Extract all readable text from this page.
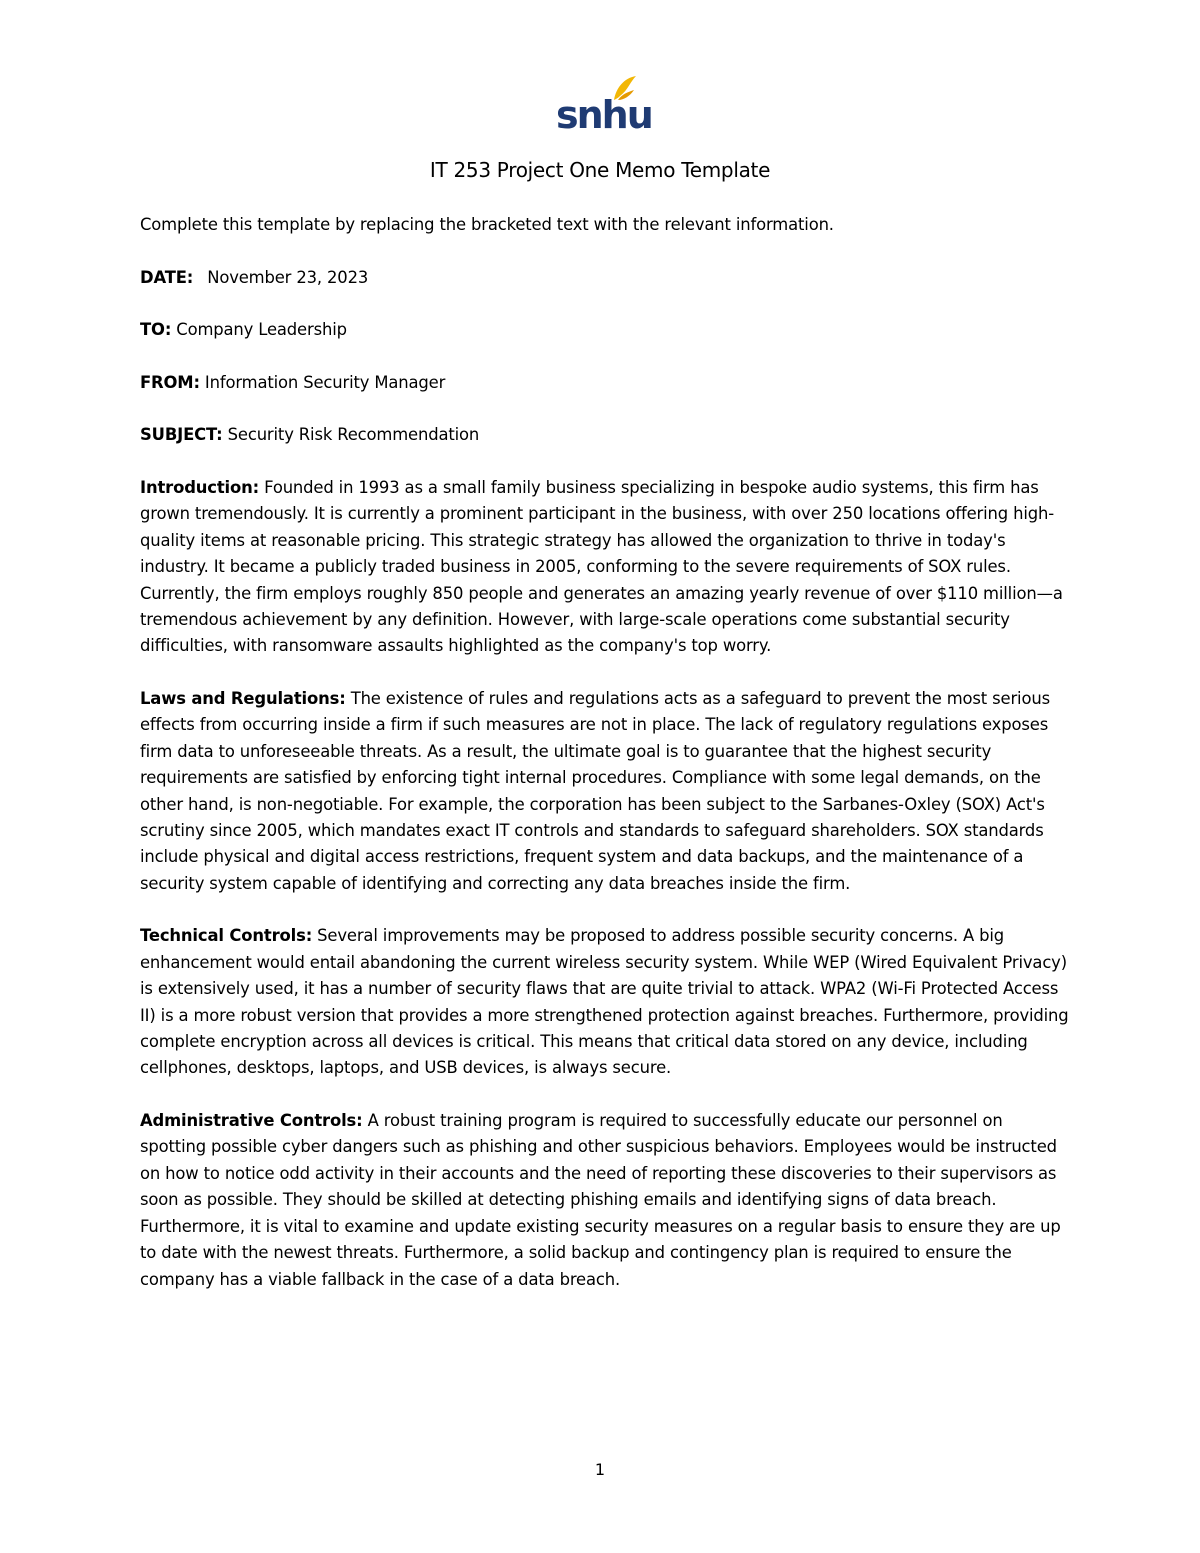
snhu
IT 253 Project One Memo Template

Complete this template by replacing the bracketed text with the relevant information.

DATE: November 23, 2023

TO: Company Leadership

FROM: Information Security Manager

SUBJECT: Security Risk Recommendation

Introduction: Founded in 1993 as a small family business specializing in bespoke audio systems, this firm has grown tremendously. It is currently a prominent participant in the business, with over 250 locations offering high-quality items at reasonable pricing. This strategic strategy has allowed the organization to thrive in today's industry. It became a publicly traded business in 2005, conforming to the severe requirements of SOX rules. Currently, the firm employs roughly 850 people and generates an amazing yearly revenue of over $110 million—a tremendous achievement by any definition. However, with large-scale operations come substantial security difficulties, with ransomware assaults highlighted as the company's top worry.

Laws and Regulations: The existence of rules and regulations acts as a safeguard to prevent the most serious effects from occurring inside a firm if such measures are not in place. The lack of regulatory regulations exposes firm data to unforeseeable threats. As a result, the ultimate goal is to guarantee that the highest security requirements are satisfied by enforcing tight internal procedures. Compliance with some legal demands, on the other hand, is non-negotiable. For example, the corporation has been subject to the Sarbanes-Oxley (SOX) Act's scrutiny since 2005, which mandates exact IT controls and standards to safeguard shareholders. SOX standards include physical and digital access restrictions, frequent system and data backups, and the maintenance of a security system capable of identifying and correcting any data breaches inside the firm.

Technical Controls: Several improvements may be proposed to address possible security concerns. A big enhancement would entail abandoning the current wireless security system. While WEP (Wired Equivalent Privacy) is extensively used, it has a number of security flaws that are quite trivial to attack. WPA2 (Wi-Fi Protected Access II) is a more robust version that provides a more strengthened protection against breaches. Furthermore, providing complete encryption across all devices is critical. This means that critical data stored on any device, including cellphones, desktops, laptops, and USB devices, is always secure.

Administrative Controls: A robust training program is required to successfully educate our personnel on spotting possible cyber dangers such as phishing and other suspicious behaviors. Employees would be instructed on how to notice odd activity in their accounts and the need of reporting these discoveries to their supervisors as soon as possible. They should be skilled at detecting phishing emails and identifying signs of data breach. Furthermore, it is vital to examine and update existing security measures on a regular basis to ensure they are up to date with the newest threats. Furthermore, a solid backup and contingency plan is required to ensure the company has a viable fallback in the case of a data breach.

1
